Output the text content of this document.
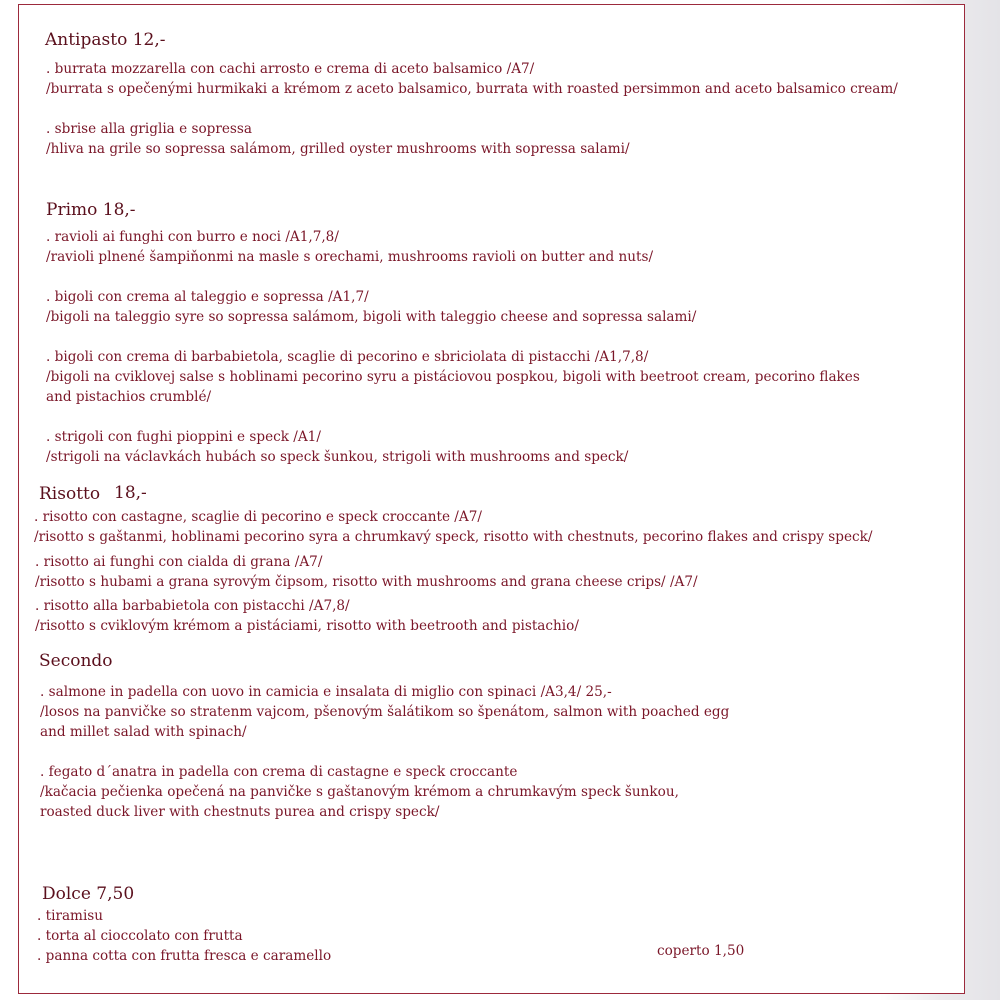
Antipasto 12,-
. burrata mozzarella con cachi arrosto e crema di aceto balsamico /A7/
/burrata s opečenými hurmikaki a krémom z aceto balsamico, burrata with roasted persimmon and aceto balsamico cream/
. sbrise alla griglia e sopressa
/hliva na grile so sopressa salámom, grilled oyster mushrooms with sopressa salami/
Primo 18,-
. ravioli ai funghi con burro e noci /A1,7,8/
/ravioli plnené šampiňonmi na masle s orechami, mushrooms ravioli on butter and nuts/
. bigoli con crema al taleggio e sopressa /A1,7/
/bigoli na taleggio syre so sopressa salámom, bigoli with taleggio cheese and sopressa salami/
. bigoli con crema di barbabietola, scaglie di pecorino e sbriciolata di pistacchi /A1,7,8/
/bigoli na cviklovej salse s hoblinami pecorino syru a pistáciovou pospkou, bigoli with beetroot cream, pecorino flakes
and pistachios crumblé/
. strigoli con fughi pioppini e speck /A1/
/strigoli na václavkách hubách so speck šunkou, strigoli with mushrooms and speck/
Risotto 18,-
. risotto con castagne, scaglie di pecorino e speck croccante /A7/
/risotto s gaštanmi, hoblinami pecorino syra a chrumkavý speck, risotto with chestnuts, pecorino flakes and crispy speck/
. risotto ai funghi con cialda di grana /A7/
/risotto s hubami a grana syrovým čipsom, risotto with mushrooms and grana cheese crips/ /A7/
. risotto alla barbabietola con pistacchi /A7,8/
/risotto s cviklovým krémom a pistáciami, risotto with beetrooth and pistachio/
Secondo
. salmone in padella con uovo in camicia e insalata di miglio con spinaci /A3,4/ 25,-
/losos na panvičke so stratenm vajcom, pšenovým šalátikom so špenátom, salmon with poached egg
and millet salad with spinach/
. fegato d´anatra in padella con crema di castagne e speck croccante
/kačacia pečienka opečená na panvičke s gaštanovým krémom a chrumkavým speck šunkou,
roasted duck liver with chestnuts purea and crispy speck/
Dolce 7,50
. tiramisu
. torta al cioccolato con frutta
. panna cotta con frutta fresca e caramello	coperto 1,50
